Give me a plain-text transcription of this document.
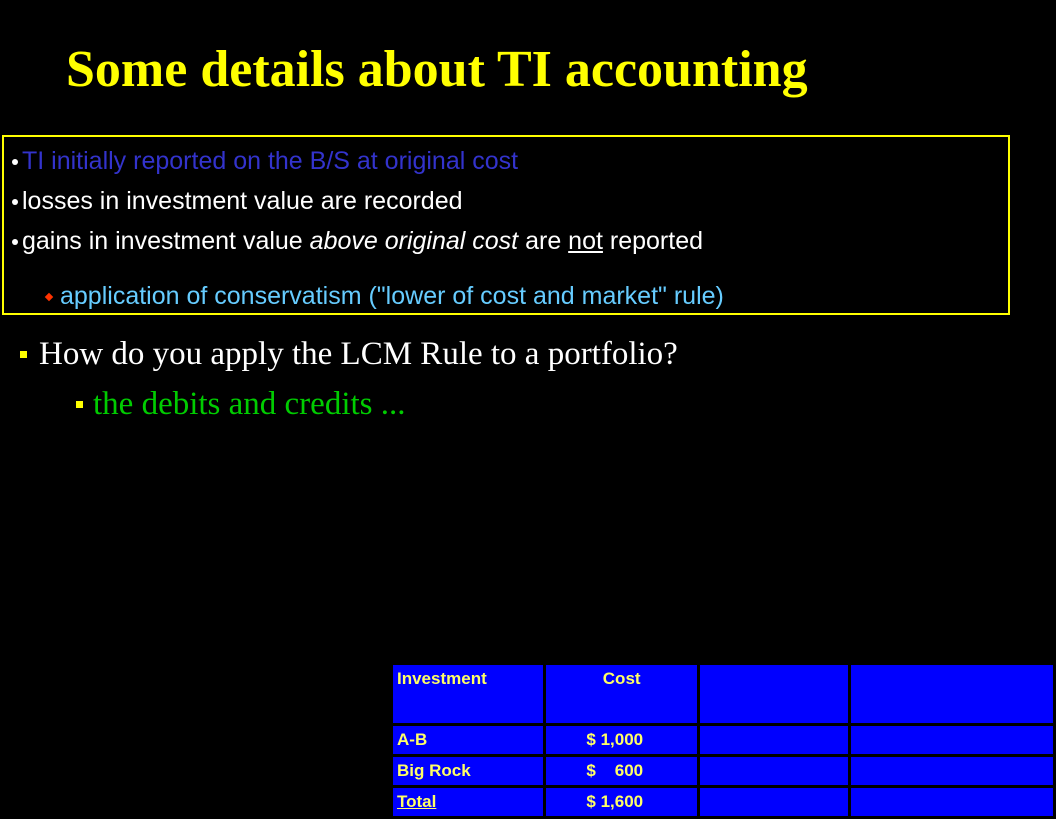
Some details about TI accounting
TI initially reported on the B/S at original cost
losses in investment value are recorded
gains in investment value above original cost are not reported
application of conservatism ("lower of cost and market" rule)
How do you apply the LCM Rule to a portfolio?
the debits and credits ...
Investment	Cost		
A-B	$ 1,000		
Big Rock	$    600		
Total	$ 1,600		
